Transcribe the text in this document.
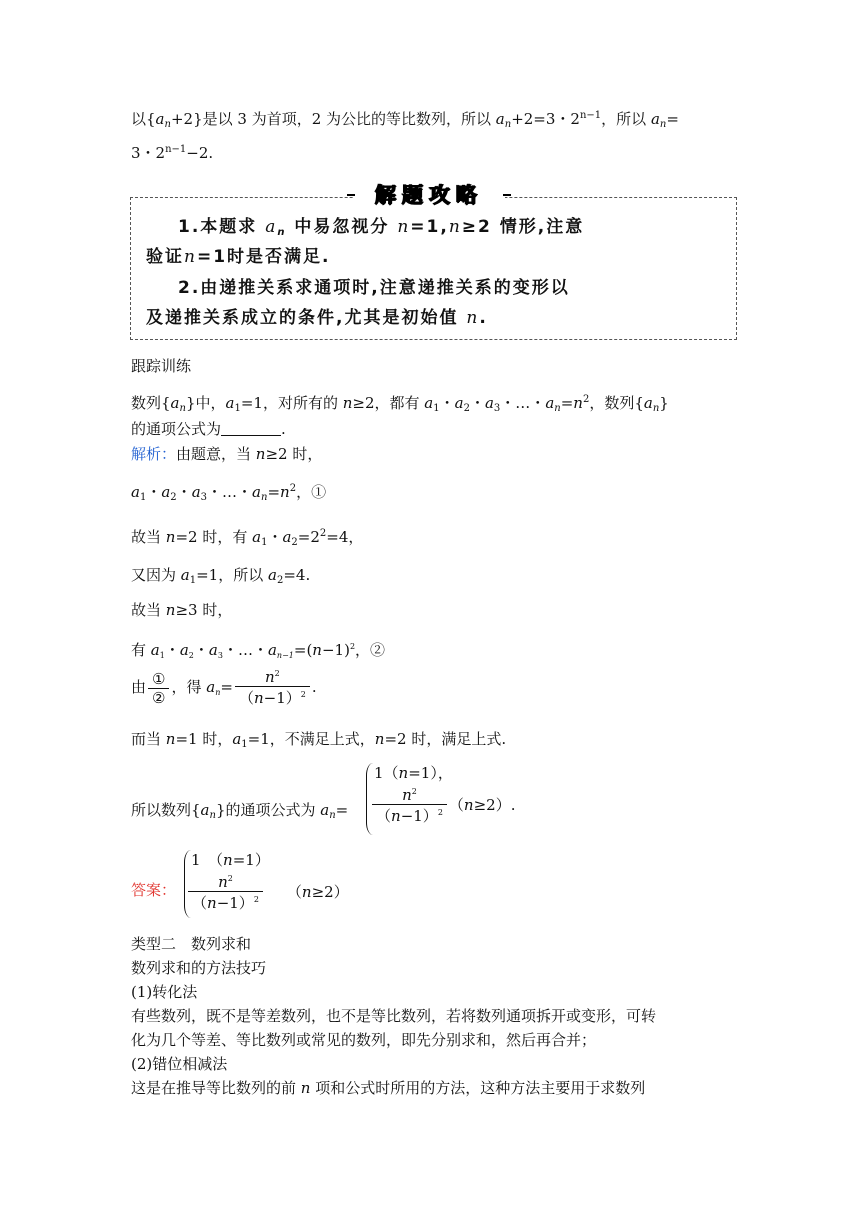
以$\{a_n+2\}$是以 3 为首项，2 为公比的等比数列，所以 $a_n+2=3$・$2^{n-1}$，所以 $a_n=$
3・$2^{n-1}-2$.
解题攻略
1.本题求 $a_n$ 中易忽视分 n=1,n≥2 情形,注意
验证n=1时是否满足.
2.由递推关系求通项时,注意递推关系的变形以
及递推关系成立的条件,尤其是初始值 n.
跟踪训练
数列$\{a_n\}$中，$a_1=1$，对所有的 n≥2，都有 $a_1$・$a_2$・$a_3$・…・$a_n=n^2$，数列$\{a_n\}$
的通项公式为	.
解析：由题意，当 n≥2 时，
$a_1$・$a_2$・$a_3$・…・$a_n=n^2$，①
故当 n=2 时，有 $a_1$・$a_2=2^2=4$，
又因为 $a_1=1$，所以 $a_2=4$.
故当 n≥3 时，
有 $a_1$・$a_2$・$a_3$・…・$a_{n-1}=(n-1)^2$，②
由 $\frac{\text{①}}{\text{②}}$ ，得 $a_n= \frac{n^2}{(n-1)^2}$ .
而当 n=1 时，$a_1=1$，不满足上式，n=2 时，满足上式.
所以数列$\{a_n\}$的通项公式为 $a_n=$
1（n=1），
$\frac{n^2}{(n-1)^2} (n\ge 2)$.
答案：
1　（n=1）
$\frac{n^2}{(n-1)^2} (n\ge 2)$
类型二　数列求和
数列求和的方法技巧
(1)转化法
有些数列，既不是等差数列，也不是等比数列，若将数列通项拆开或变形，可转
化为几个等差、等比数列或常见的数列，即先分别求和，然后再合并；
(2)错位相减法
这是在推导等比数列的前 n 项和公式时所用的方法，这种方法主要用于求数列
